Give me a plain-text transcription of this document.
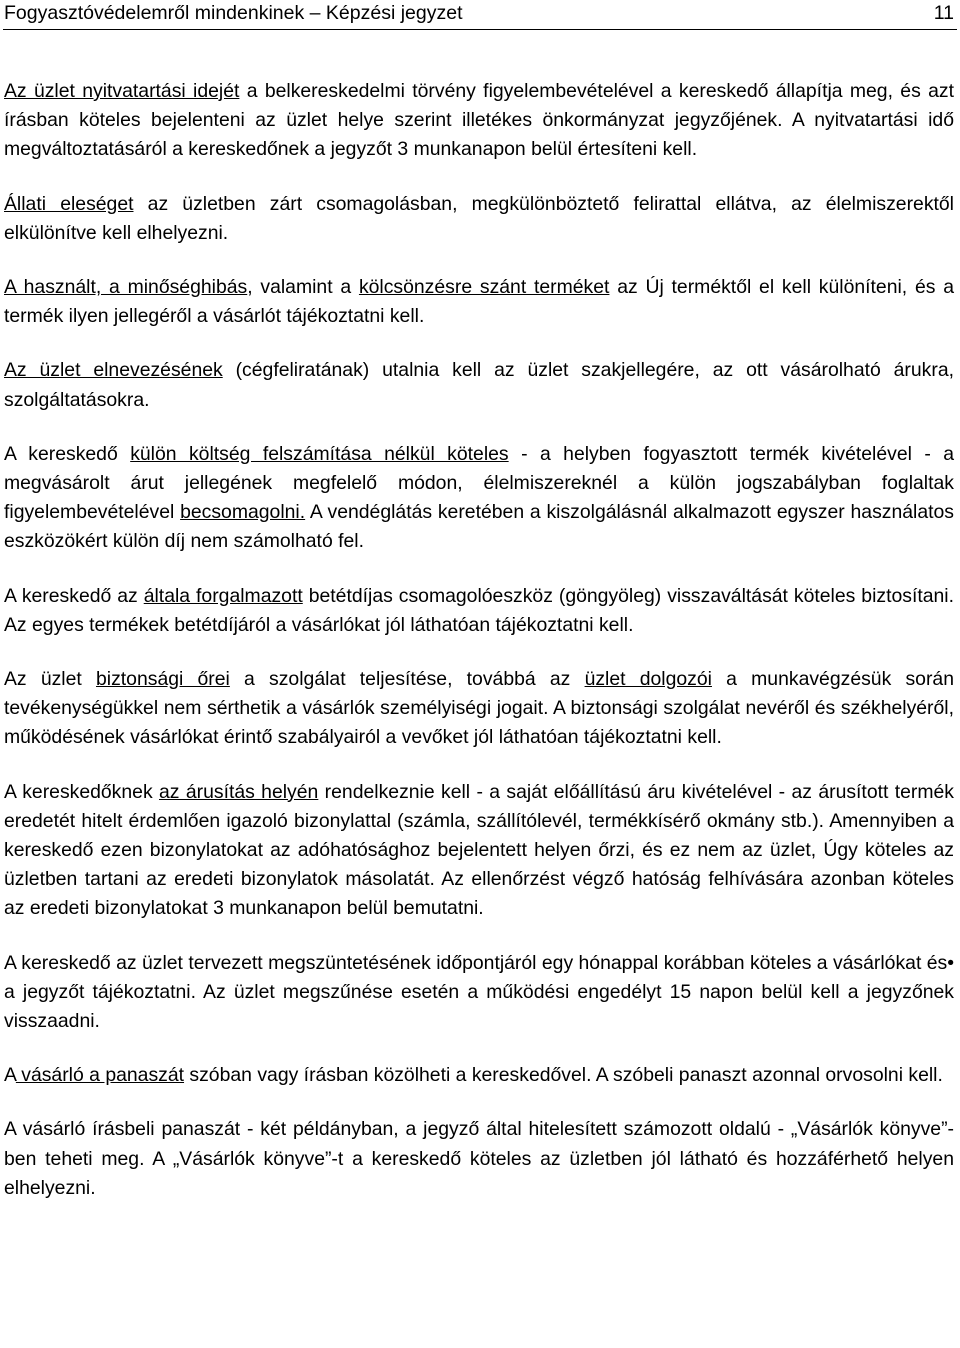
Fogyasztóvédelemről mindenkinek – Képzési jegyzet	11

Az üzlet nyitvatartási idejét a belkereskedelmi törvény figyelembevételével a kereskedő állapítja meg, és azt írásban köteles bejelenteni az üzlet helye szerint illetékes önkormányzat jegyzőjének. A nyitvatartási idő megváltoztatásáról a kereskedőnek a jegyzőt 3 munkanapon belül értesíteni kell.

Állati eleséget az üzletben zárt csomagolásban, megkülönböztető felirattal ellátva, az élelmiszerektől elkülönítve kell elhelyezni.

A használt, a minőséghibás, valamint a kölcsönzésre szánt terméket az Új terméktől el kell különíteni, és a termék ilyen jellegéről a vásárlót tájékoztatni kell.

Az üzlet elnevezésének (cégfeliratának) utalnia kell az üzlet szakjellegére, az ott vásárolható árukra, szolgáltatásokra.

A kereskedő külön költség felszámítása nélkül köteles - a helyben fogyasztott termék kivételével - a megvásárolt árut jellegének megfelelő módon, élelmiszereknél a külön jogszabályban foglaltak figyelembevételével becsomagolni. A vendéglátás keretében a kiszolgálásnál alkalmazott egyszer használatos eszközökért külön díj nem számolható fel.

A kereskedő az általa forgalmazott betétdíjas csomagolóeszköz (göngyöleg) visszaváltását köteles biztosítani. Az egyes termékek betétdíjáról a vásárlókat jól láthatóan tájékoztatni kell.

Az üzlet biztonsági őrei a szolgálat teljesítése, továbbá az üzlet dolgozói a munkavégzésük során tevékenységükkel nem sérthetik a vásárlók személyiségi jogait. A biztonsági szolgálat nevéről és székhelyéről, működésének vásárlókat érintő szabályairól a vevőket jól láthatóan tájékoztatni kell.

A kereskedőknek az árusítás helyén rendelkeznie kell - a saját előállítású áru kivételével - az árusított termék eredetét hitelt érdemlően igazoló bizonylattal (számla, szállítólevél, termékkísérő okmány stb.). Amennyiben a kereskedő ezen bizonylatokat az adóhatósághoz bejelentett helyen őrzi, és ez nem az üzlet, Úgy köteles az üzletben tartani az eredeti bizonylatok másolatát. Az ellenőrzést végző hatóság felhívására azonban köteles az eredeti bizonylatokat 3 munkanapon belül bemutatni.

A kereskedő az üzlet tervezett megszüntetésének időpontjáról egy hónappal korábban köteles a vásárlókat és• a jegyzőt tájékoztatni. Az üzlet megszűnése esetén a működési engedélyt 15 napon belül kell a jegyzőnek visszaadni.

A vásárló a panaszát szóban vagy írásban közölheti a kereskedővel. A szóbeli panaszt azonnal orvosolni kell.

A vásárló írásbeli panaszát - két példányban, a jegyző által hitelesített számozott oldalú - „Vásárlók könyve”-ben teheti meg. A „Vásárlók könyve”-t a kereskedő köteles az üzletben jól látható és hozzáférhető helyen elhelyezni.
